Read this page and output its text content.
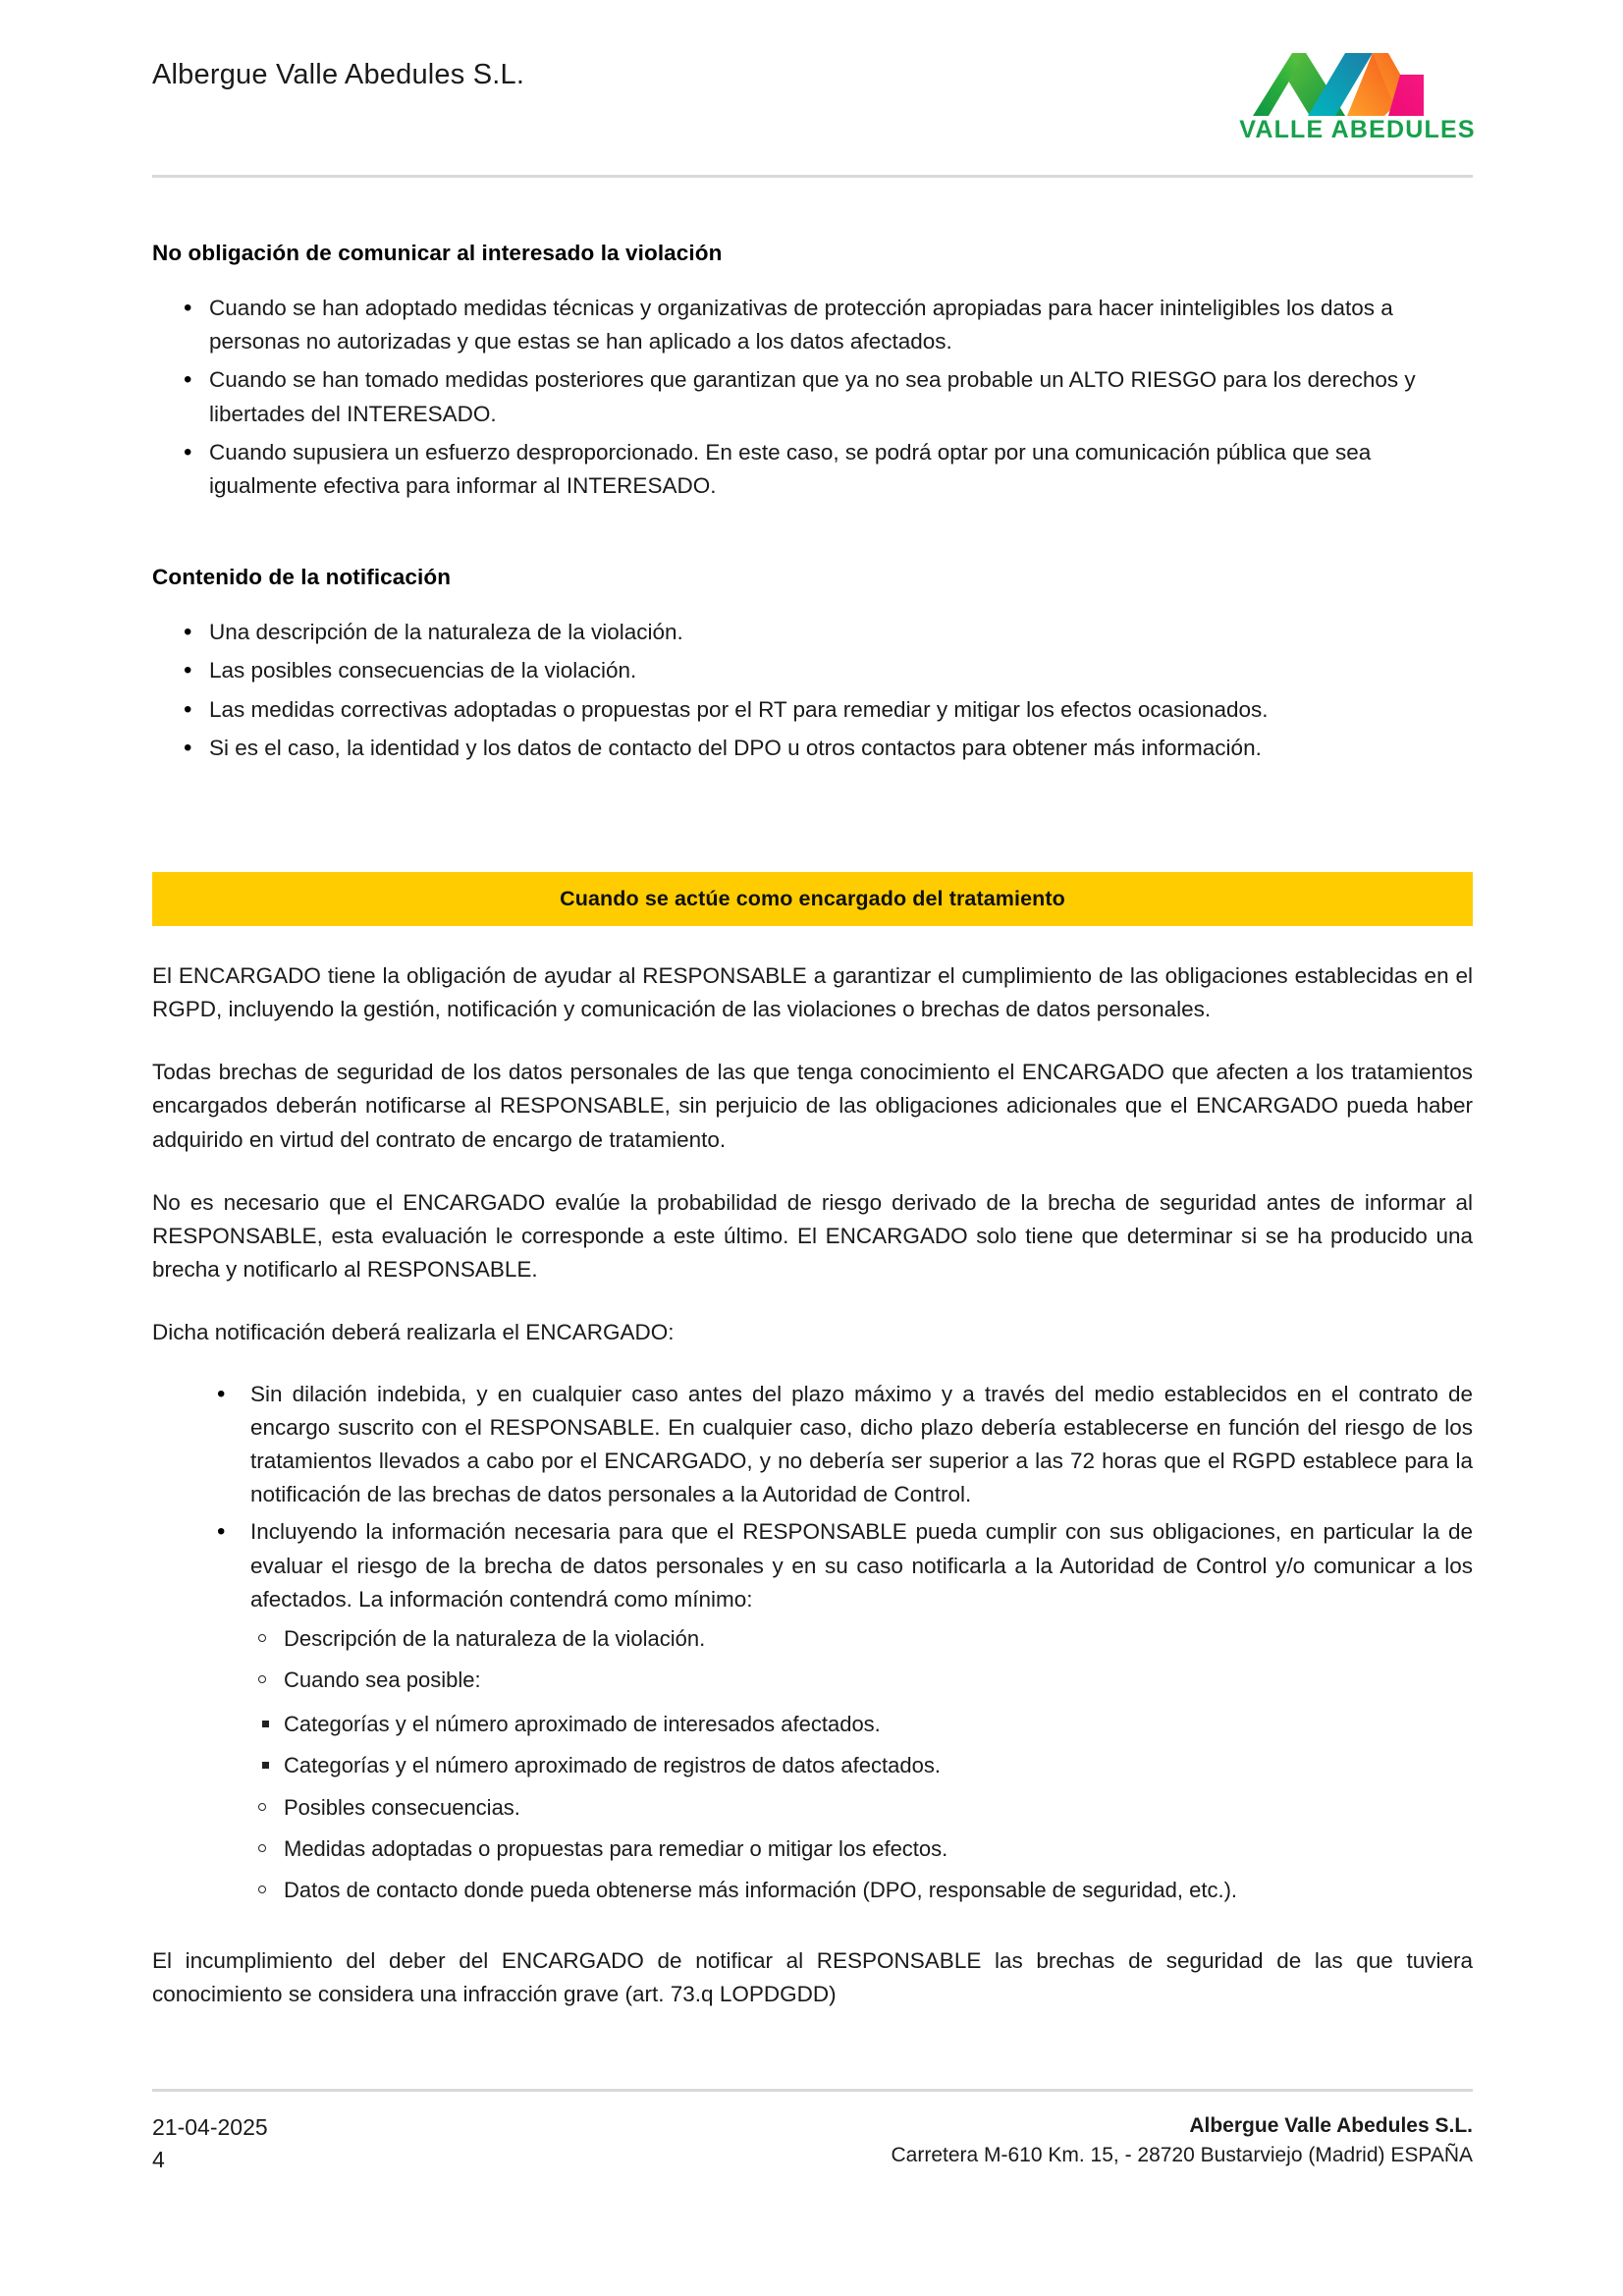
Albergue Valle Abedules S.L.
VALLE ABEDULES
No obligación de comunicar al interesado la violación
• Cuando se han adoptado medidas técnicas y organizativas de protección apropiadas para hacer ininteligibles los datos a personas no autorizadas y que estas se han aplicado a los datos afectados.
• Cuando se han tomado medidas posteriores que garantizan que ya no sea probable un ALTO RIESGO para los derechos y libertades del INTERESADO.
• Cuando supusiera un esfuerzo desproporcionado. En este caso, se podrá optar por una comunicación pública que sea igualmente efectiva para informar al INTERESADO.
Contenido de la notificación
• Una descripción de la naturaleza de la violación.
• Las posibles consecuencias de la violación.
• Las medidas correctivas adoptadas o propuestas por el RT para remediar y mitigar los efectos ocasionados.
• Si es el caso, la identidad y los datos de contacto del DPO u otros contactos para obtener más información.
Cuando se actúe como encargado del tratamiento

El ENCARGADO tiene la obligación de ayudar al RESPONSABLE a garantizar el cumplimiento de las obligaciones establecidas en el RGPD, incluyendo la gestión, notificación y comunicación de las violaciones o brechas de datos personales.

Todas brechas de seguridad de los datos personales de las que tenga conocimiento el ENCARGADO que afecten a los tratamientos encargados deberán notificarse al RESPONSABLE, sin perjuicio de las obligaciones adicionales que el ENCARGADO pueda haber adquirido en virtud del contrato de encargo de tratamiento.

No es necesario que el ENCARGADO evalúe la probabilidad de riesgo derivado de la brecha de seguridad antes de informar al RESPONSABLE, esta evaluación le corresponde a este último. El ENCARGADO solo tiene que determinar si se ha producido una brecha y notificarlo al RESPONSABLE.

Dicha notificación deberá realizarla el ENCARGADO:

• Sin dilación indebida, y en cualquier caso antes del plazo máximo y a través del medio establecidos en el contrato de encargo suscrito con el RESPONSABLE. En cualquier caso, dicho plazo debería establecerse en función del riesgo de los tratamientos llevados a cabo por el ENCARGADO, y no debería ser superior a las 72 horas que el RGPD establece para la notificación de las brechas de datos personales a la Autoridad de Control.
• Incluyendo la información necesaria para que el RESPONSABLE pueda cumplir con sus obligaciones, en particular la de evaluar el riesgo de la brecha de datos personales y en su caso notificarla a la Autoridad de Control y/o comunicar a los afectados. La información contendrá como mínimo:
Descripción de la naturaleza de la violación.
Cuando sea posible:
Categorías y el número aproximado de interesados afectados.
Categorías y el número aproximado de registros de datos afectados.
Posibles consecuencias.
Medidas adoptadas o propuestas para remediar o mitigar los efectos.
Datos de contacto donde pueda obtenerse más información (DPO, responsable de seguridad, etc.).

El incumplimiento del deber del ENCARGADO de notificar al RESPONSABLE las brechas de seguridad de las que tuviera conocimiento se considera una infracción grave (art. 73.q LOPDGDD)

21-04-2025
4
Albergue Valle Abedules S.L.
Carretera M-610 Km. 15, - 28720 Bustarviejo (Madrid) ESPAÑA
